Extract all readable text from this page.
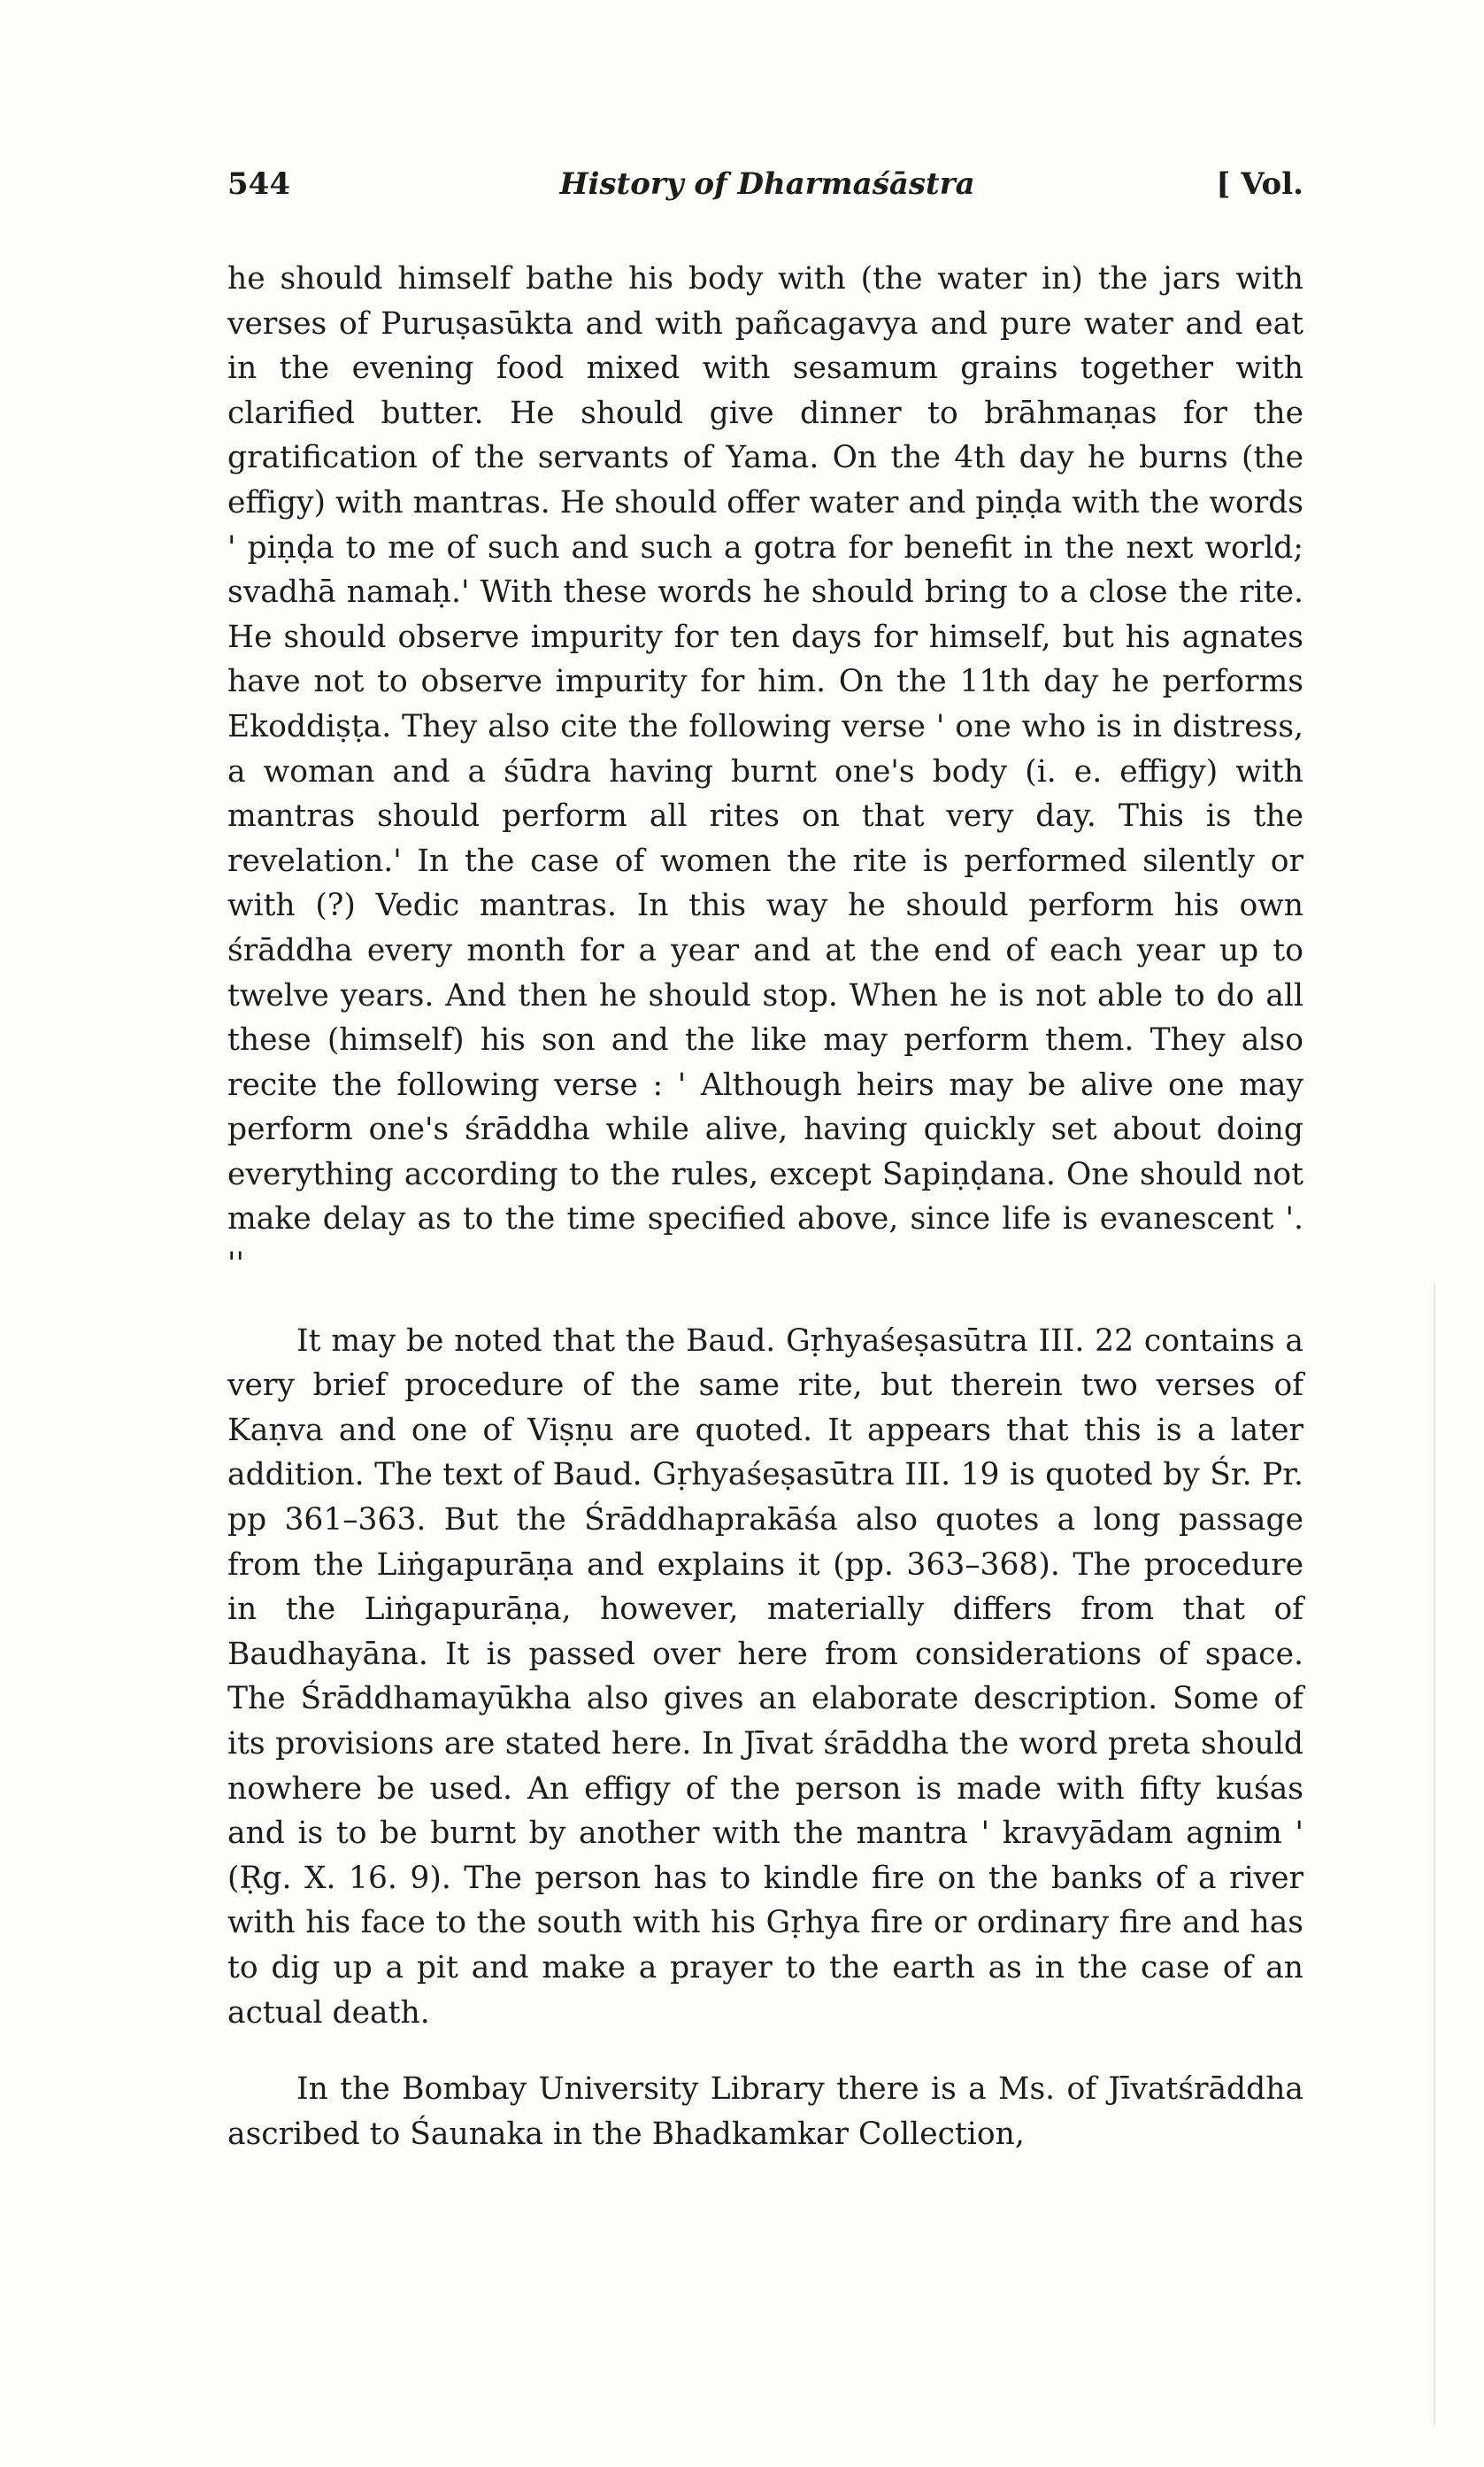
544	History of Dharmaśāstra	[ Vol.

he should himself bathe his body with (the water in) the jars with verses of Puruṣasūkta and with pañcagavya and pure water and eat in the evening food mixed with sesamum grains together with clarified butter. He should give dinner to brāhmaṇas for the gratification of the servants of Yama. On the 4th day he burns (the effigy) with mantras. He should offer water and piṇḍa with the words ' piṇḍa to me of such and such a gotra for benefit in the next world; svadhā namaḥ.' With these words he should bring to a close the rite. He should observe impurity for ten days for himself, but his agnates have not to observe impurity for him. On the 11th day he performs Ekoddiṣṭa. They also cite the following verse ' one who is in distress, a woman and a śūdra having burnt one's body (i. e. effigy) with mantras should perform all rites on that very day. This is the revelation.' In the case of women the rite is performed silently or with (?) Vedic mantras. In this way he should perform his own śrāddha every month for a year and at the end of each year up to twelve years. And then he should stop. When he is not able to do all these (himself) his son and the like may perform them. They also recite the following verse : ' Although heirs may be alive one may perform one's śrāddha while alive, having quickly set about doing everything according to the rules, except Sapiṇḍana. One should not make delay as to the time specified above, since life is evanescent '. ''

It may be noted that the Baud. Gṛhyaśeṣasūtra III. 22 contains a very brief procedure of the same rite, but therein two verses of Kaṇva and one of Viṣṇu are quoted. It appears that this is a later addition. The text of Baud. Gṛhyaśeṣasūtra III. 19 is quoted by Śr. Pr. pp 361–363. But the Śrāddhaprakāśa also quotes a long passage from the Liṅgapurāṇa and explains it (pp. 363–368). The procedure in the Liṅgapurāṇa, however, materially differs from that of Baudhayāna. It is passed over here from considerations of space. The Śrāddhamayūkha also gives an elaborate description. Some of its provisions are stated here. In Jīvat śrāddha the word preta should nowhere be used. An effigy of the person is made with fifty kuśas and is to be burnt by another with the mantra ' kravyādam agnim ' (Ṛg. X. 16. 9). The person has to kindle fire on the banks of a river with his face to the south with his Gṛhya fire or ordinary fire and has to dig up a pit and make a prayer to the earth as in the case of an actual death.

In the Bombay University Library there is a Ms. of Jīvatśrāddha ascribed to Śaunaka in the Bhadkamkar Collection,
